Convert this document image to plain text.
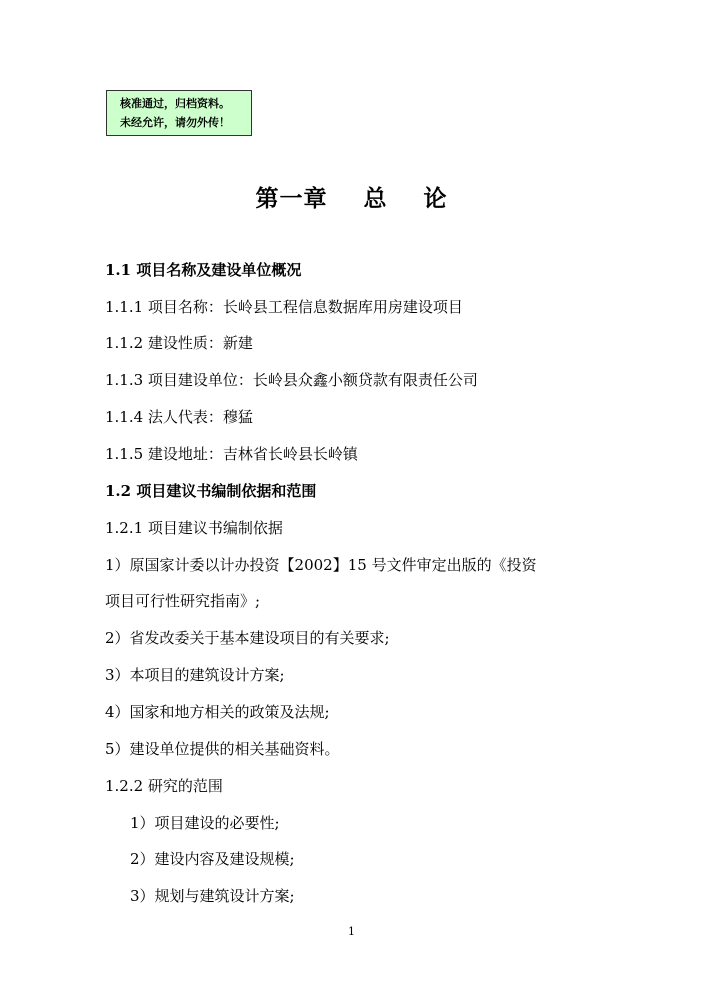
核准通过，归档资料。
未经允许，请勿外传！
第一章    总    论
1.1 项目名称及建设单位概况
1.1.1 项目名称：长岭县工程信息数据库用房建设项目
1.1.2 建设性质：新建
1.1.3 项目建设单位：长岭县众鑫小额贷款有限责任公司
1.1.4 法人代表：穆猛
1.1.5 建设地址：吉林省长岭县长岭镇
1.2 项目建议书编制依据和范围
1.2.1 项目建议书编制依据
1）原国家计委以计办投资【2002】15 号文件审定出版的《投资
项目可行性研究指南》;
2）省发改委关于基本建设项目的有关要求;
3）本项目的建筑设计方案;
4）国家和地方相关的政策及法规;
5）建设单位提供的相关基础资料。
1.2.2 研究的范围
1）项目建设的必要性;
2）建设内容及建设规模;
3）规划与建筑设计方案;
1
